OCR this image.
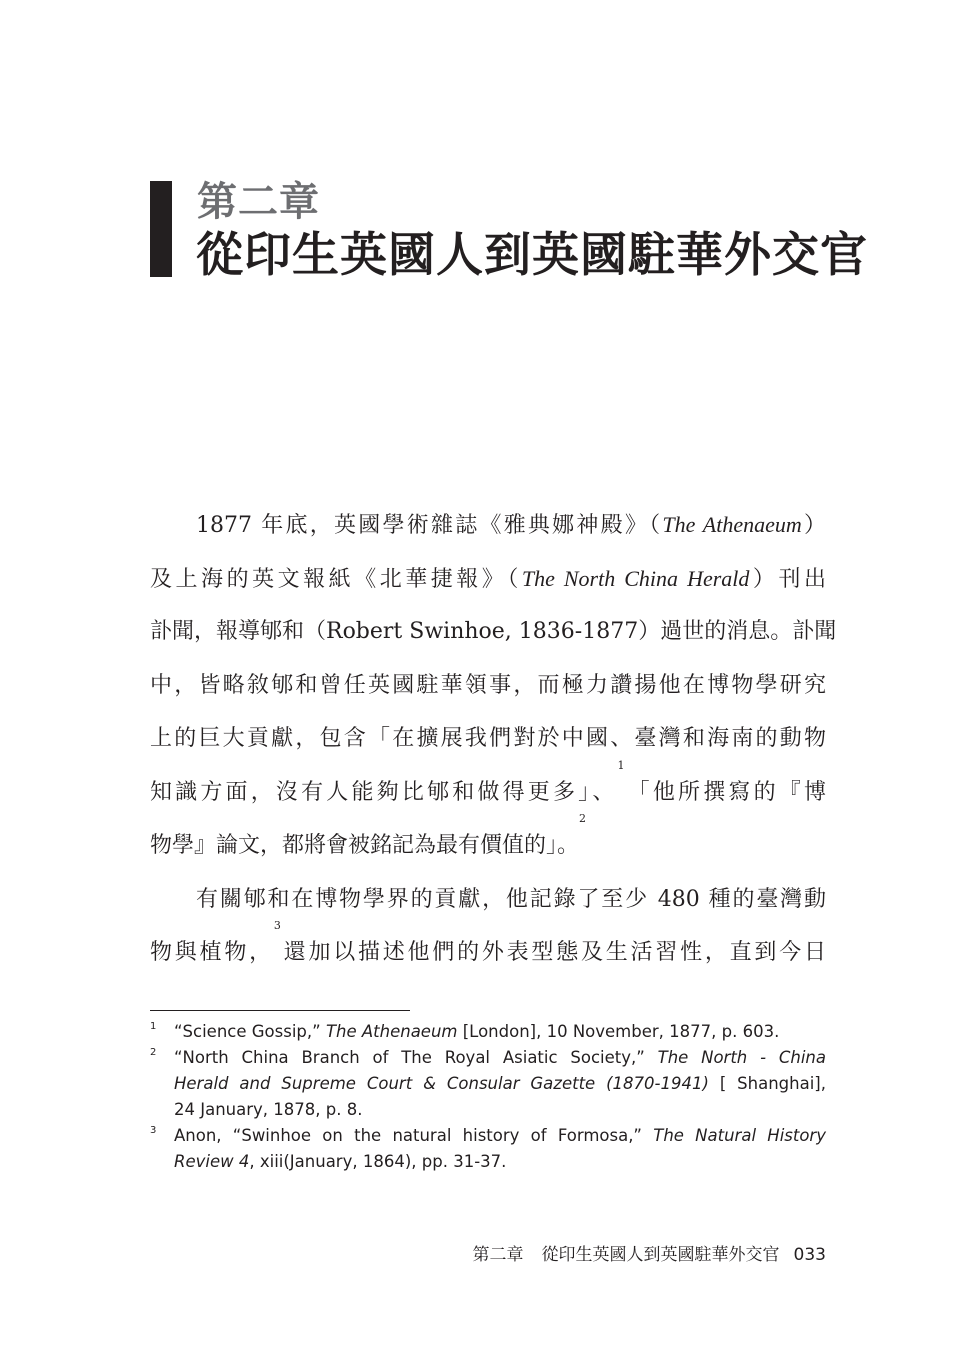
第二章
從印生英國人到英國駐華外交官

1877 年底，英國學術雜誌《雅典娜神殿》（The Athenaeum）
及上海的英文報紙《北華捷報》（The North China Herald）刊出
訃聞，報導郇和（Robert Swinhoe, 1836-1877）過世的消息。訃聞
中，皆略敘郇和曾任英國駐華領事，而極力讚揚他在博物學研究
上的巨大貢獻，包含「在擴展我們對於中國、臺灣和海南的動物
知識方面，沒有人能夠比郇和做得更多」、$^1$「他所撰寫的『博
物學』論文，都將會被銘記為最有價值的」。$^2$

有關郇和在博物學界的貢獻，他記錄了至少 480 種的臺灣動
物與植物，$^3$還加以描述他們的外表型態及生活習性，直到今日

1 “Science Gossip,” The Athenaeum [London], 10 November, 1877, p. 603.
2 “North China Branch of The Royal Asiatic Society,” The North - China
Herald and Supreme Court & Consular Gazette (1870-1941) [ Shanghai],
24 January, 1878, p. 8.
3 Anon, “Swinhoe on the natural history of Formosa,” The Natural History
Review 4, xiii(January, 1864), pp. 31-37.
第二章 從印生英國人到英國駐華外交官 033
